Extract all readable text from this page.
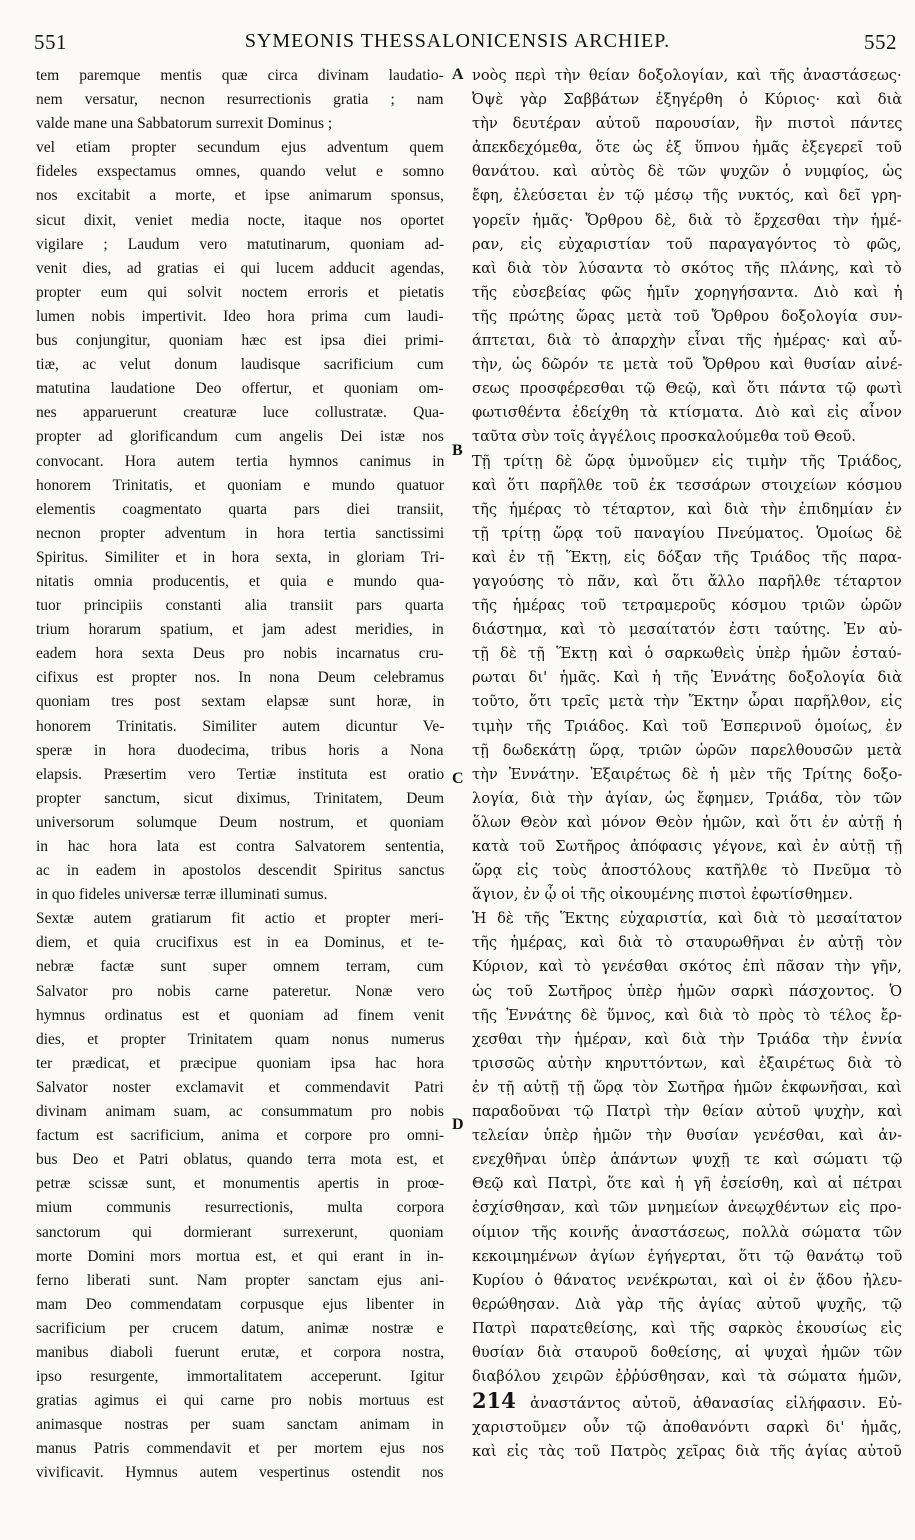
551	SYMEONIS THESSALONICENSIS ARCHIEP.	552
tem paremque mentis quæ circa divinam laudatio-
nem versatur, necnon resurrectionis gratia ; nam
valde mane una Sabbatorum surrexit Dominus ;
vel etiam propter secundum ejus adventum quem
fideles exspectamus omnes, quando velut e somno
nos excitabit a morte, et ipse animarum sponsus,
sicut dixit, veniet media nocte, itaque nos oportet
vigilare ; Laudum vero matutinarum, quoniam ad-
venit dies, ad gratias ei qui lucem adducit agendas,
propter eum qui solvit noctem erroris et pietatis
lumen nobis impertivit. Ideo hora prima cum laudi-
bus conjungitur, quoniam hæc est ipsa diei primi-
tiæ, ac velut donum laudisque sacrificium cum
matutina laudatione Deo offertur, et quoniam om-
nes apparuerunt creaturæ luce collustratæ. Qua-
propter ad glorificandum cum angelis Dei istæ nos
convocant. Hora autem tertia hymnos canimus in
honorem Trinitatis, et quoniam e mundo quatuor
elementis coagmentato quarta pars diei transiit,
necnon propter adventum in hora tertia sanctissimi
Spiritus. Similiter et in hora sexta, in gloriam Tri-
nitatis omnia producentis, et quia e mundo qua-
tuor principiis constanti alia transiit pars quarta
trium horarum spatium, et jam adest meridies, in
eadem hora sexta Deus pro nobis incarnatus cru-
cifixus est propter nos. In nona Deum celebramus
quoniam tres post sextam elapsæ sunt horæ, in
honorem Trinitatis. Similiter autem dicuntur Ve-
speræ in hora duodecima, tribus horis a Nona
elapsis. Præsertim vero Tertiæ instituta est oratio
propter sanctum, sicut diximus, Trinitatem, Deum
universorum solumque Deum nostrum, et quoniam
in hac hora lata est contra Salvatorem sententia,
ac in eadem in apostolos descendit Spiritus sanctus
in quo fideles universæ terræ illuminati sumus.
Sextæ autem gratiarum fit actio et propter meri-
diem, et quia crucifixus est in ea Dominus, et te-
nebræ factæ sunt super omnem terram, cum
Salvator pro nobis carne pateretur. Nonæ vero
hymnus ordinatus est et quoniam ad finem venit
dies, et propter Trinitatem quam nonus numerus
ter prædicat, et præcipue quoniam ipsa hac hora
Salvator noster exclamavit et commendavit Patri
divinam animam suam, ac consummatum pro nobis
factum est sacrificium, anima et corpore pro omni-
bus Deo et Patri oblatus, quando terra mota est, et
petræ scissæ sunt, et monumentis apertis in proœ-
mium communis resurrectionis, multa corpora
sanctorum qui dormierant surrexerunt, quoniam
morte Domini mors mortua est, et qui erant in in-
ferno liberati sunt. Nam propter sanctam ejus ani-
mam Deo commendatam corpusque ejus libenter in
sacrificium per crucem datum, animæ nostræ e
manibus diaboli fuerunt erutæ, et corpora nostra,
ipso resurgente, immortalitatem acceperunt. Igitur
gratias agimus ei qui carne pro nobis mortuus est
animasque nostras per suam sanctam animam in
manus Patris commendavit et per mortem ejus nos
vivificavit. Hymnus autem vespertinus ostendit nos
νοὸς περὶ τὴν θείαν δοξολογίαν, καὶ τῆς ἀναστάσεως·
Ὀψὲ γὰρ Σαββάτων ἐξηγέρθη ὁ Κύριος· καὶ διὰ
τὴν δευτέραν αὐτοῦ παρουσίαν, ἣν πιστοὶ πάντες
ἀπεκδεχόμεθα, ὅτε ὡς ἐξ ὕπνου ἡμᾶς ἐξεγερεῖ τοῦ
θανάτου. καὶ αὐτὸς δὲ τῶν ψυχῶν ὁ νυμφίος, ὡς
ἔφη, ἐλεύσεται ἐν τῷ μέσῳ τῆς νυκτός, καὶ δεῖ γρη-
γορεῖν ἡμᾶς· Ὄρθρου δὲ, διὰ τὸ ἔρχεσθαι τὴν ἡμέ-
ραν, εἰς εὐχαριστίαν τοῦ παραγαγόντος τὸ φῶς,
καὶ διὰ τὸν λύσαντα τὸ σκότος τῆς πλάνης, καὶ τὸ
τῆς εὐσεβείας φῶς ἡμῖν χορηγήσαντα. Διὸ καὶ ἡ
τῆς πρώτης ὥρας μετὰ τοῦ Ὄρθρου δοξολογία συν-
άπτεται, διὰ τὸ ἀπαρχὴν εἶναι τῆς ἡμέρας· καὶ αὖ-
τὴν, ὡς δῶρόν τε μετὰ τοῦ Ὄρθρου καὶ θυσίαν αἰνέ-
σεως προσφέρεσθαι τῷ Θεῷ, καὶ ὅτι πάντα τῷ φωτὶ
φωτισθέντα ἐδείχθη τὰ κτίσματα. Διὸ καὶ εἰς αἶνον
ταῦτα σὺν τοῖς ἀγγέλοις προσκαλούμεθα τοῦ Θεοῦ.
Τῇ τρίτῃ δὲ ὥρᾳ ὑμνοῦμεν εἰς τιμὴν τῆς Τριάδος,
καὶ ὅτι παρῆλθε τοῦ ἐκ τεσσάρων στοιχείων κόσμου
τῆς ἡμέρας τὸ τέταρτον, καὶ διὰ τὴν ἐπιδημίαν ἐν
τῇ τρίτῃ ὥρᾳ τοῦ παναγίου Πνεύματος. Ὁμοίως δὲ
καὶ ἐν τῇ Ἕκτῃ, εἰς δόξαν τῆς Τριάδος τῆς παρα-
γαγούσης τὸ πᾶν, καὶ ὅτι ἄλλο παρῆλθε τέταρτον
τῆς ἡμέρας τοῦ τετραμεροῦς κόσμου τριῶν ὡρῶν
διάστημα, καὶ τὸ μεσαίτατόν ἐστι ταύτης. Ἐν αὐ-
τῇ δὲ τῇ Ἕκτῃ καὶ ὁ σαρκωθεὶς ὑπὲρ ἡμῶν ἐσταύ-
ρωται δι' ἡμᾶς. Καὶ ἡ τῆς Ἐννάτης δοξολογία διὰ
τοῦτο, ὅτι τρεῖς μετὰ τὴν Ἕκτην ὧραι παρῆλθον, εἰς
τιμὴν τῆς Τριάδος. Καὶ τοῦ Ἑσπερινοῦ ὁμοίως, ἐν
τῇ δωδεκάτῃ ὥρᾳ, τριῶν ὡρῶν παρελθουσῶν μετὰ
τὴν Ἐννάτην. Ἐξαιρέτως δὲ ἡ μὲν τῆς Τρίτης δοξο-
λογία, διὰ τὴν ἁγίαν, ὡς ἔφημεν, Τριάδα, τὸν τῶν
ὅλων Θεὸν καὶ μόνον Θεὸν ἡμῶν, καὶ ὅτι ἐν αὐτῇ ἡ
κατὰ τοῦ Σωτῆρος ἀπόφασις γέγονε, καὶ ἐν αὐτῇ τῇ
ὥρᾳ εἰς τοὺς ἀποστόλους κατῆλθε τὸ Πνεῦμα τὸ
ἅγιον, ἐν ᾧ οἱ τῆς οἰκουμένης πιστοὶ ἐφωτίσθημεν.
Ἡ δὲ τῆς Ἕκτης εὐχαριστία, καὶ διὰ τὸ μεσαίτατον
τῆς ἡμέρας, καὶ διὰ τὸ σταυρωθῆναι ἐν αὐτῇ τὸν
Κύριον, καὶ τὸ γενέσθαι σκότος ἐπὶ πᾶσαν τὴν γῆν,
ὡς τοῦ Σωτῆρος ὑπὲρ ἡμῶν σαρκὶ πάσχοντος. Ὁ
τῆς Ἐννάτης δὲ ὕμνος, καὶ διὰ τὸ πρὸς τὸ τέλος ἔρ-
χεσθαι τὴν ἡμέραν, καὶ διὰ τὴν Τριάδα τὴν ἐννία
τρισσῶς αὐτὴν κηρυττόντων, καὶ ἐξαιρέτως διὰ τὸ
ἐν τῇ αὐτῇ τῇ ὥρᾳ τὸν Σωτῆρα ἡμῶν ἐκφωνῆσαι, καὶ
παραδοῦναι τῷ Πατρὶ τὴν θείαν αὐτοῦ ψυχὴν, καὶ
τελείαν ὑπὲρ ἡμῶν τὴν θυσίαν γενέσθαι, καὶ ἀν-
ενεχθῆναι ὑπὲρ ἁπάντων ψυχῇ τε καὶ σώματι τῷ
Θεῷ καὶ Πατρὶ, ὅτε καὶ ἡ γῆ ἐσείσθη, καὶ αἱ πέτραι
ἐσχίσθησαν, καὶ τῶν μνημείων ἀνεῳχθέντων εἰς προ-
οίμιον τῆς κοινῆς ἀναστάσεως, πολλὰ σώματα τῶν
κεκοιμημένων ἁγίων ἐγήγερται, ὅτι τῷ θανάτῳ τοῦ
Κυρίου ὁ θάνατος νενέκρωται, καὶ οἱ ἐν ᾅδου ἠλευ-
θερώθησαν. Διὰ γὰρ τῆς ἁγίας αὐτοῦ ψυχῆς, τῷ
Πατρὶ παρατεθείσης, καὶ τῆς σαρκὸς ἑκουσίως εἰς
θυσίαν διὰ σταυροῦ δοθείσης, αἱ ψυχαὶ ἡμῶν τῶν
διαβόλου χειρῶν ἐῤῥύσθησαν, καὶ τὰ σώματα ἡμῶν,
214 ἀναστάντος αὐτοῦ, ἀθανασίας εἰλήφασιν. Εὐ-
χαριστοῦμεν οὖν τῷ ἀποθανόντι σαρκὶ δι' ἡμᾶς,
καὶ εἰς τὰς τοῦ Πατρὸς χεῖρας διὰ τῆς ἁγίας αὐτοῦ
A
B
C
D
